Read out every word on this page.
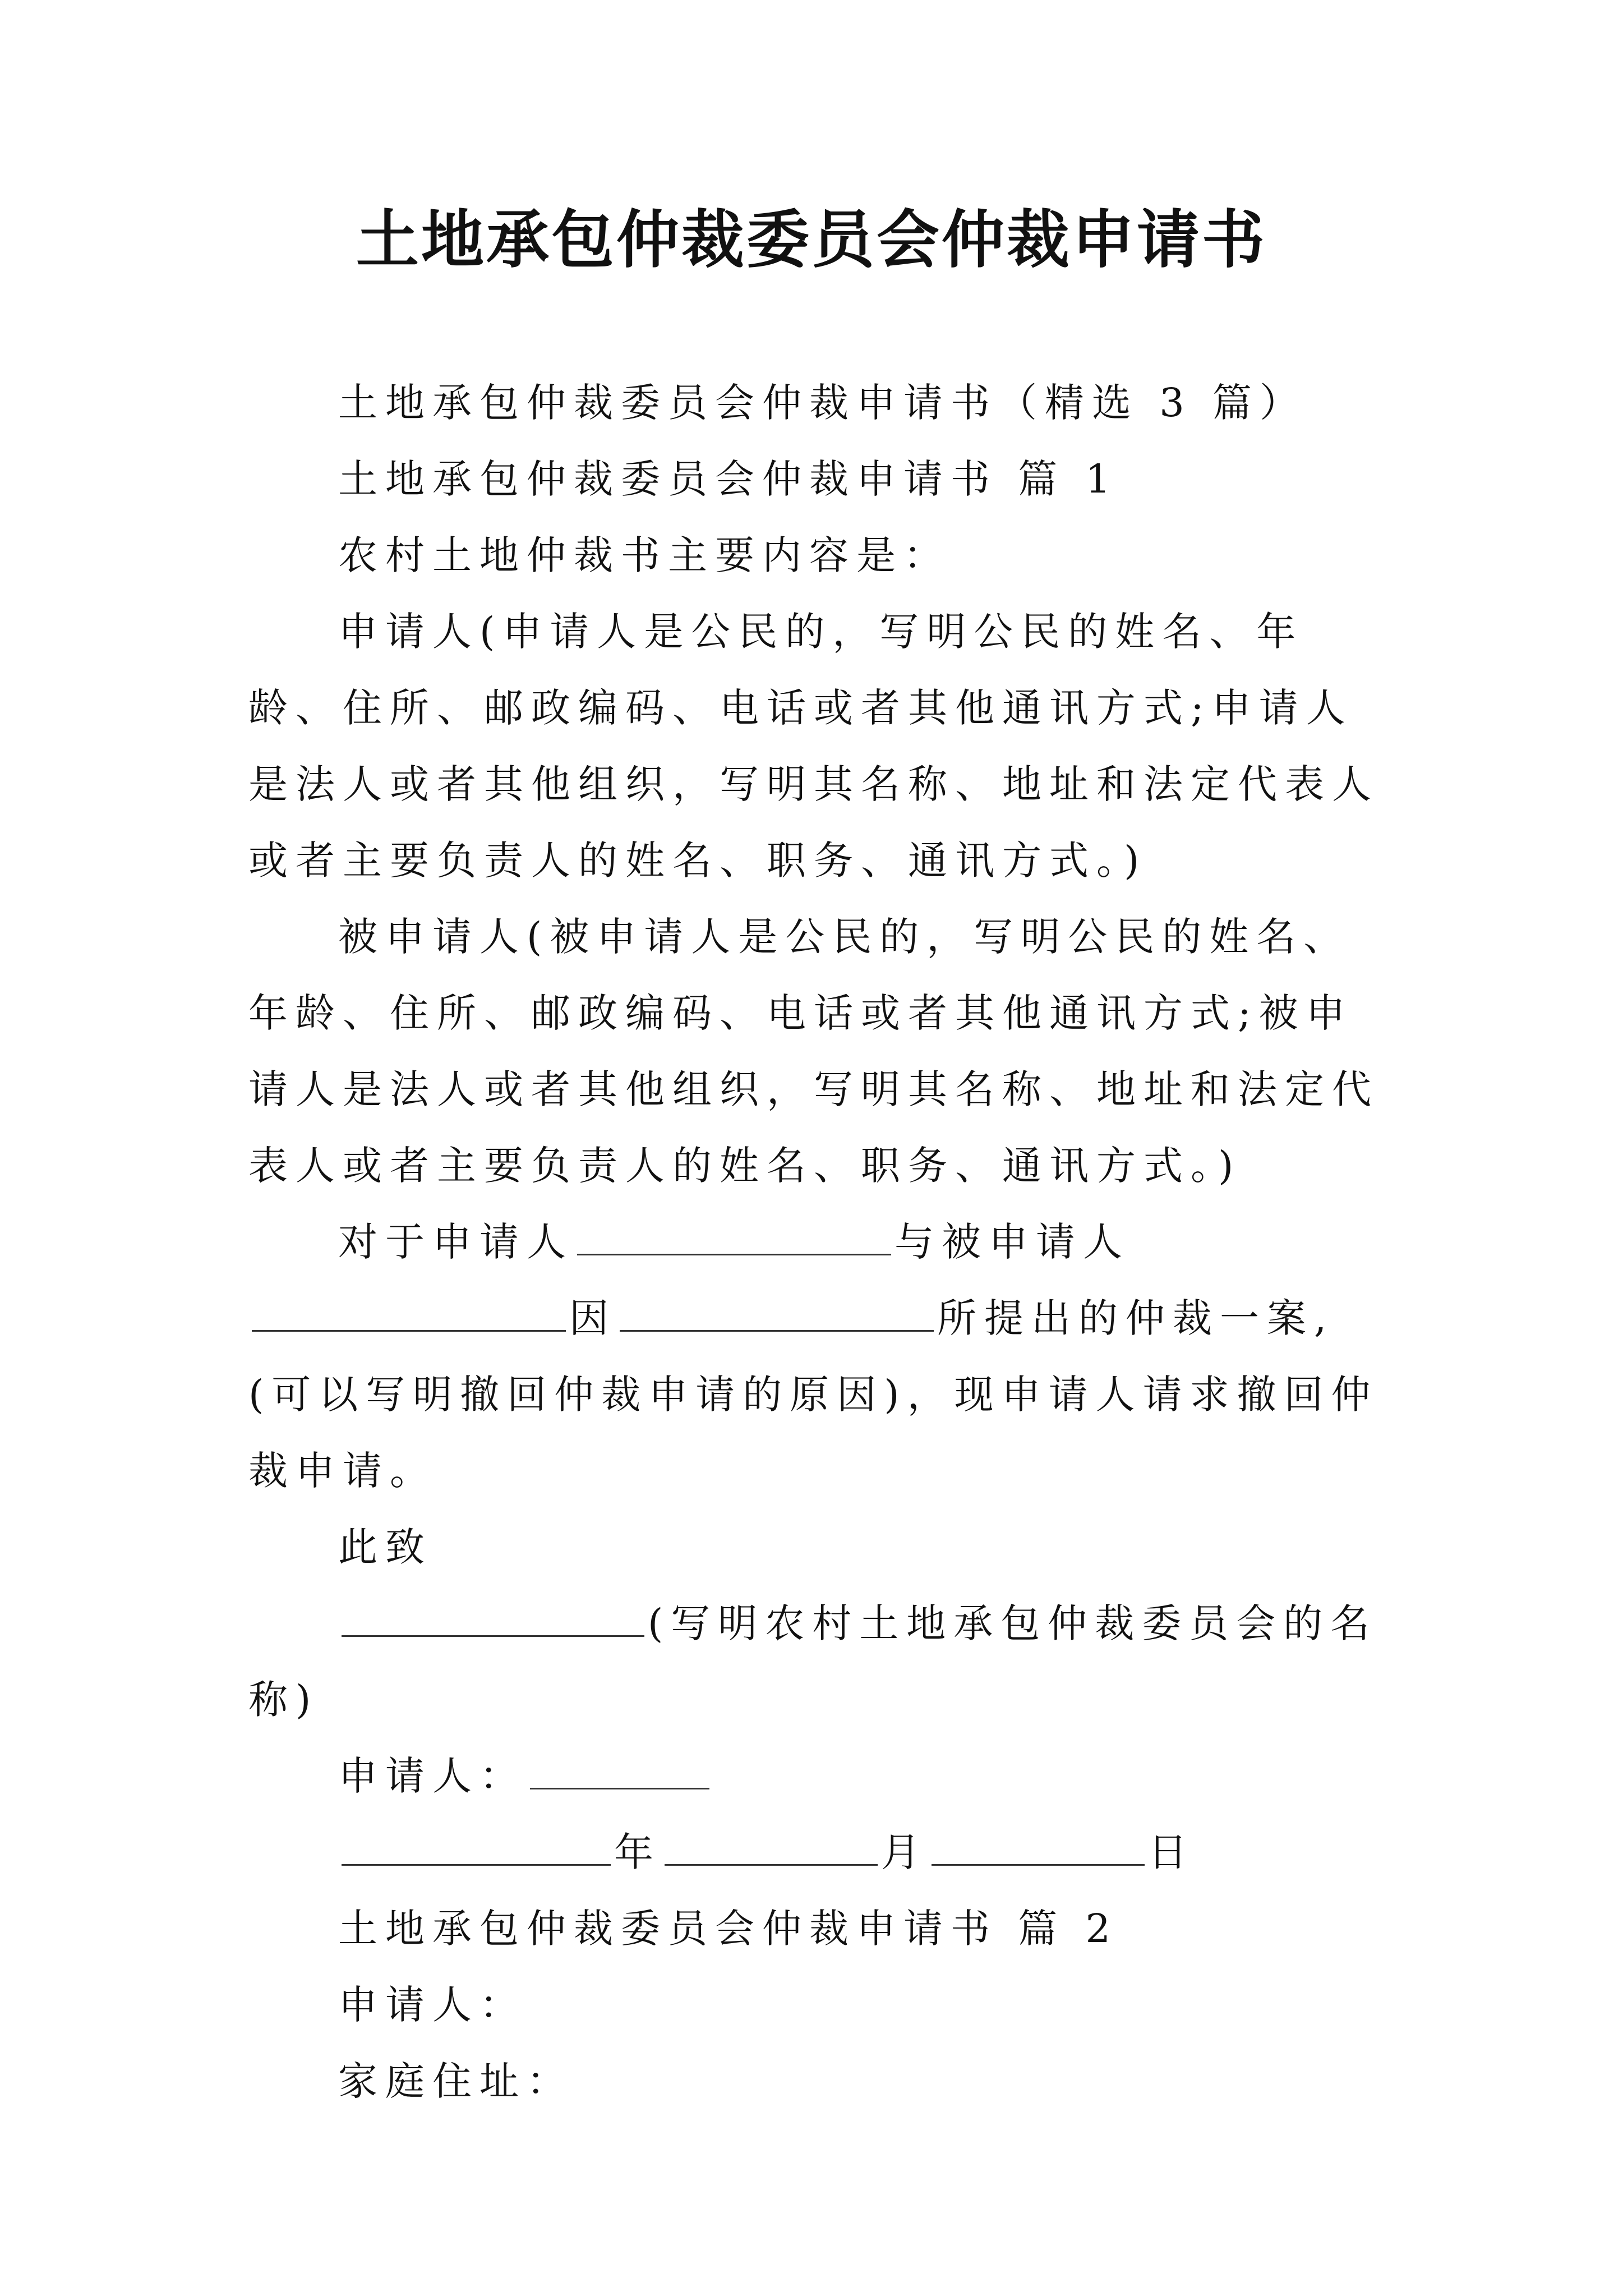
土地承包仲裁委员会仲裁申请书

土地承包仲裁委员会仲裁申请书（精选 3 篇）

土地承包仲裁委员会仲裁申请书 篇 1

农村土地仲裁书主要内容是：

申请人(申请人是公民的，写明公民的姓名、年龄、住所、邮政编码、电话或者其他通讯方式;申请人是法人或者其他组织，写明其名称、地址和法定代表人或者主要负责人的姓名、职务、通讯方式。)

被申请人(被申请人是公民的，写明公民的姓名、年龄、住所、邮政编码、电话或者其他通讯方式;被申请人是法人或者其他组织，写明其名称、地址和法定代表人或者主要负责人的姓名、职务、通讯方式。)

对于申请人	与被申请人因	所提出的仲裁一案,(可以写明撤回仲裁申请的原因)，现申请人请求撤回仲裁申请。

此致

(写明农村土地承包仲裁委员会的名称)

申请人：

年	月	日

土地承包仲裁委员会仲裁申请书 篇 2

申请人：

家庭住址：
